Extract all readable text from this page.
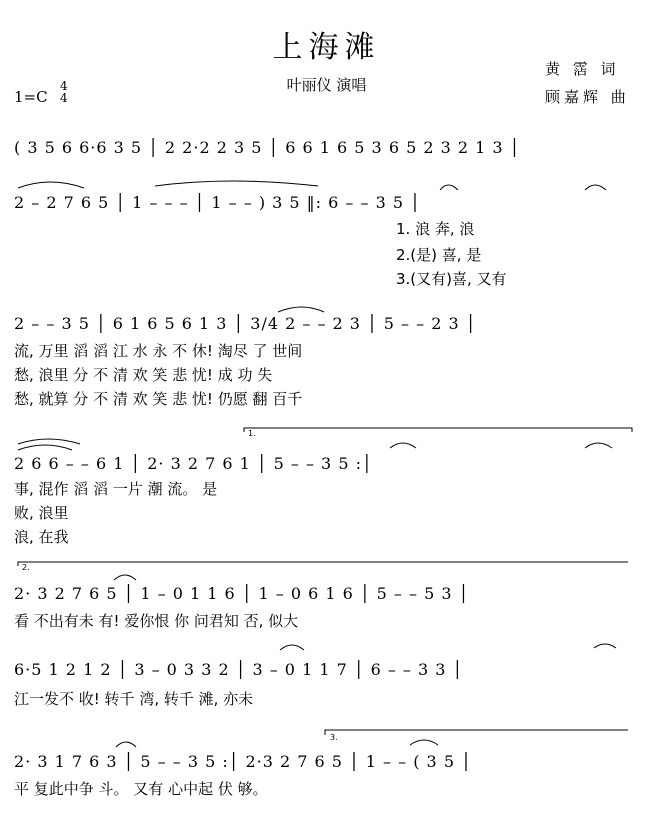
上海滩
叶丽仪 演唱
黄 霑 词
顾嘉辉 曲
1=C
4
4
1.
2.
3.
( 3 5 6 6·6 3 5 │ 2 2·2 2 3 5 │ 6 6 1 6 5 3 6 5 2 3 2 1 3 │
2 – 2 7 6 5 │ 1 – – – │ 1 – – ) 3 5 ‖: 6 – – 3 5 │
1. 浪 奔, 浪
2.(是) 喜, 是
3.(又有)喜, 又有
2 – – 3 5 │ 6 1 6 5 6 1 3 │ 3/4 2 – – 2 3 │ 5 – – 2 3 │
流, 万里 滔 滔 江 水 永 不 休! 淘尽 了 世间
愁, 浪里 分 不 清 欢 笑 悲 忧! 成 功 失
愁, 就算 分 不 清 欢 笑 悲 忧! 仍愿 翻 百千
2 6 6 – – 6 1 │ 2· 3 2 7 6 1 │ 5 – – 3 5 :│
事, 混作 滔 滔 一片 潮 流。 是
败, 浪里
浪, 在我
2· 3 2 7 6 5 │ 1 – 0 1 1 6 │ 1 – 0 6 1 6 │ 5 – – 5 3 │
看 不出有未 有! 爱你恨 你 问君知 否, 似大
6·5 1 2 1 2 │ 3 – 0 3 3 2 │ 3 – 0 1 1 7 │ 6 – – 3 3 │
江一发不 收! 转千 湾, 转千 滩, 亦未
2· 3 1 7 6 3 │ 5 – – 3 5 :│ 2·3 2 7 6 5 │ 1 – – ( 3 5 │
平 复此中争 斗。 又有 心中起 伏 够。
